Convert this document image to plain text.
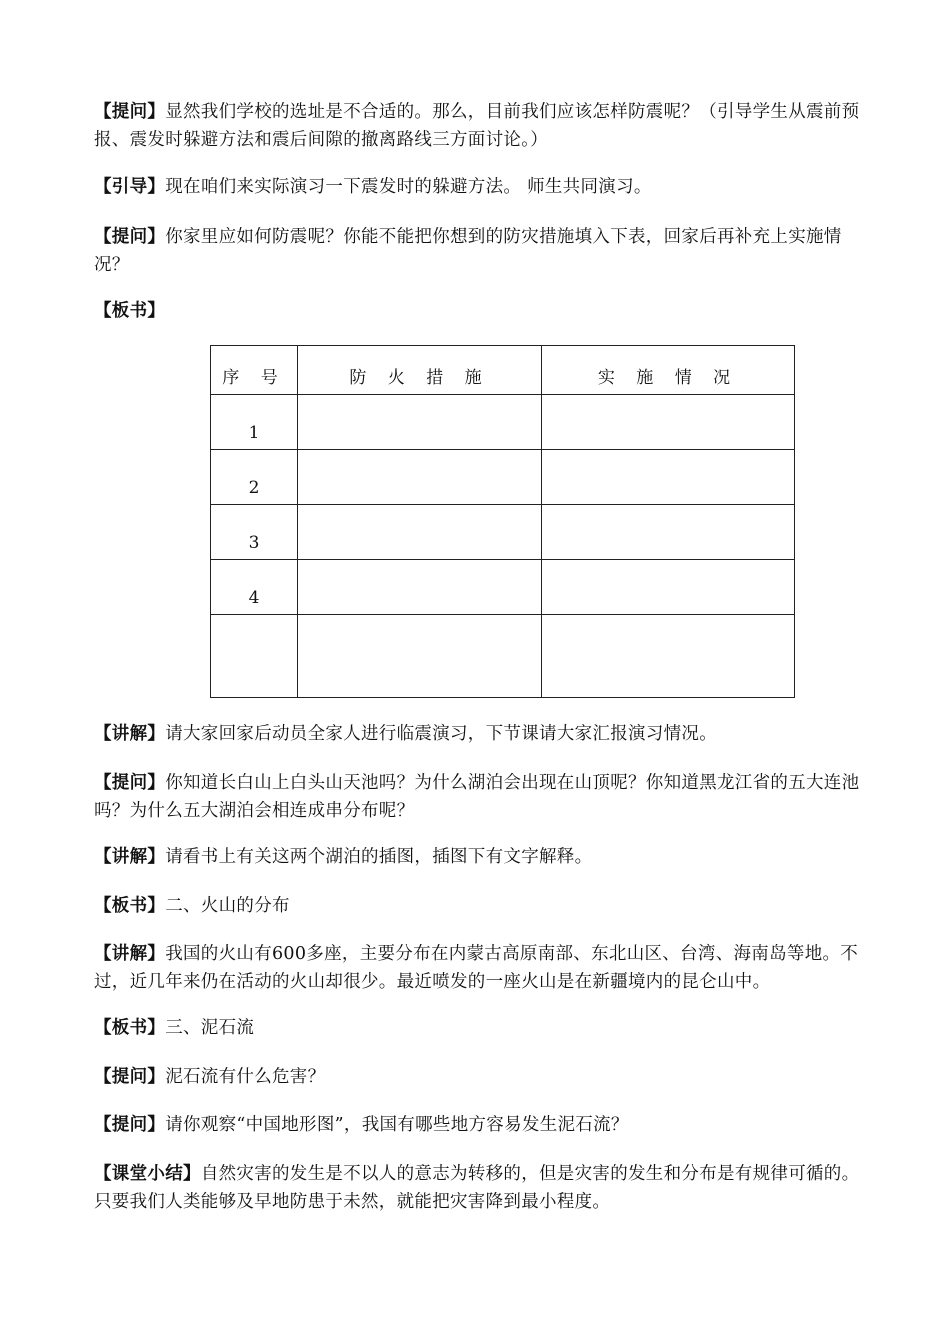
【提问】显然我们学校的选址是不合适的。那么，目前我们应该怎样防震呢？（引导学生从震前预报、震发时躲避方法和震后间隙的撤离路线三方面讨论。）
【引导】现在咱们来实际演习一下震发时的躲避方法。 师生共同演习。
【提问】你家里应如何防震呢？你能不能把你想到的防灾措施填入下表，回家后再补充上实施情况？
【板书】
序 号	防 火 措 施	实 施 情 况
1		
2		
3		
4		

【讲解】请大家回家后动员全家人进行临震演习，下节课请大家汇报演习情况。
【提问】你知道长白山上白头山天池吗？为什么湖泊会出现在山顶呢？你知道黑龙江省的五大连池吗？为什么五大湖泊会相连成串分布呢？
【讲解】请看书上有关这两个湖泊的插图，插图下有文字解释。
【板书】二、火山的分布
【讲解】我国的火山有600多座，主要分布在内蒙古高原南部、东北山区、台湾、海南岛等地。不过，近几年来仍在活动的火山却很少。最近喷发的一座火山是在新疆境内的昆仑山中。
【板书】三、泥石流
【提问】泥石流有什么危害？
【提问】请你观察“中国地形图”，我国有哪些地方容易发生泥石流？
【课堂小结】自然灾害的发生是不以人的意志为转移的，但是灾害的发生和分布是有规律可循的。只要我们人类能够及早地防患于未然，就能把灾害降到最小程度。
